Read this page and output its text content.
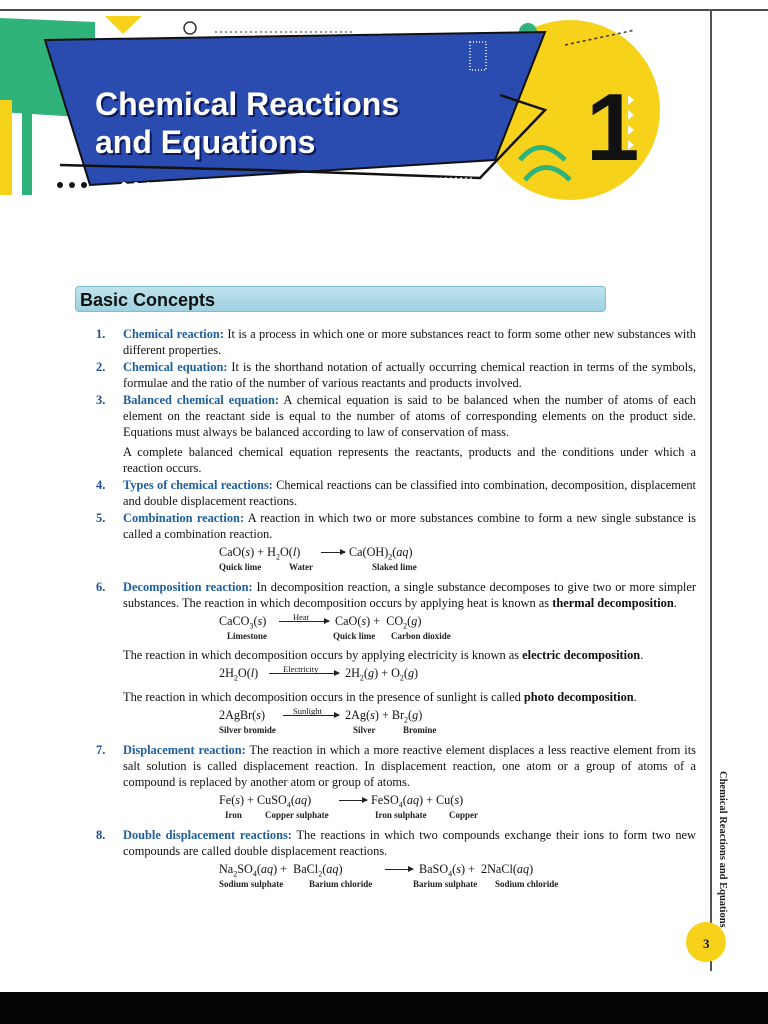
Chemical Reactions
and Equations	1
Basic Concepts
1.	Chemical reaction: It is a process in which one or more substances react to form some other new substances with different properties.
2.	Chemical equation: It is the shorthand notation of actually occurring chemical reaction in terms of the symbols, formulae and the ratio of the number of various reactants and products involved.
3.	Balanced chemical equation: A chemical equation is said to be balanced when the number of atoms of each element on the reactant side is equal to the number of atoms of corresponding elements on the product side. Equations must always be balanced according to law of conservation of mass.
A complete balanced chemical equation represents the reactants, products and the conditions under which a reaction occurs.
4.	Types of chemical reactions: Chemical reactions can be classified into combination, decomposition, displacement and double displacement reactions.
5.	Combination reaction: A reaction in which two or more substances combine to form a new single substance is called a combination reaction.
$CaO(s) + H_2O(l) \to Ca(OH)_2(aq)$
Quick lime	Water	Slaked lime
6.	Decomposition reaction: In decomposition reaction, a single substance decomposes to give two or more simpler substances. The reaction in which decomposition occurs by applying heat is known as thermal decomposition.
CaCO$_3$(s)	Heat $CaO(s) + CO_2(g)$
Limestone	Quick lime Carbon dioxide
The reaction in which decomposition occurs by applying electricity is known as electric decomposition.
$2H_2O(l)$	Electricity $2H_2(g) + O_2(g)$
The reaction in which decomposition occurs in the presence of sunlight is called photo decomposition.
2AgBr(s)	Sunlight $2Ag(s) + Br_2(g)$
Silver bromide	Silver	Bromine
7.	Displacement reaction: The reaction in which a more reactive element displaces a less reactive element from its salt solution is called displacement reaction. In displacement reaction, one atom or a group of atoms of a compound is replaced by another atom or group of atoms.
Fe(s) + CuSO$_4$(aq) → FeSO$_4$(aq) + Cu(s)
Iron	Copper sulphate	Iron sulphate Copper
8.	Double displacement reactions: The reactions in which two compounds exchange their ions to form two new compounds are called double displacement reactions.
$Na_2SO_4(aq)$ +  BaCl$_2$(aq)	→ BaSO$_4$(s) +  2NaCl(aq)
Sodium sulphate	Barium chloride	Barium sulphate Sodium chloride	Chemical Reactions and Equations
3
